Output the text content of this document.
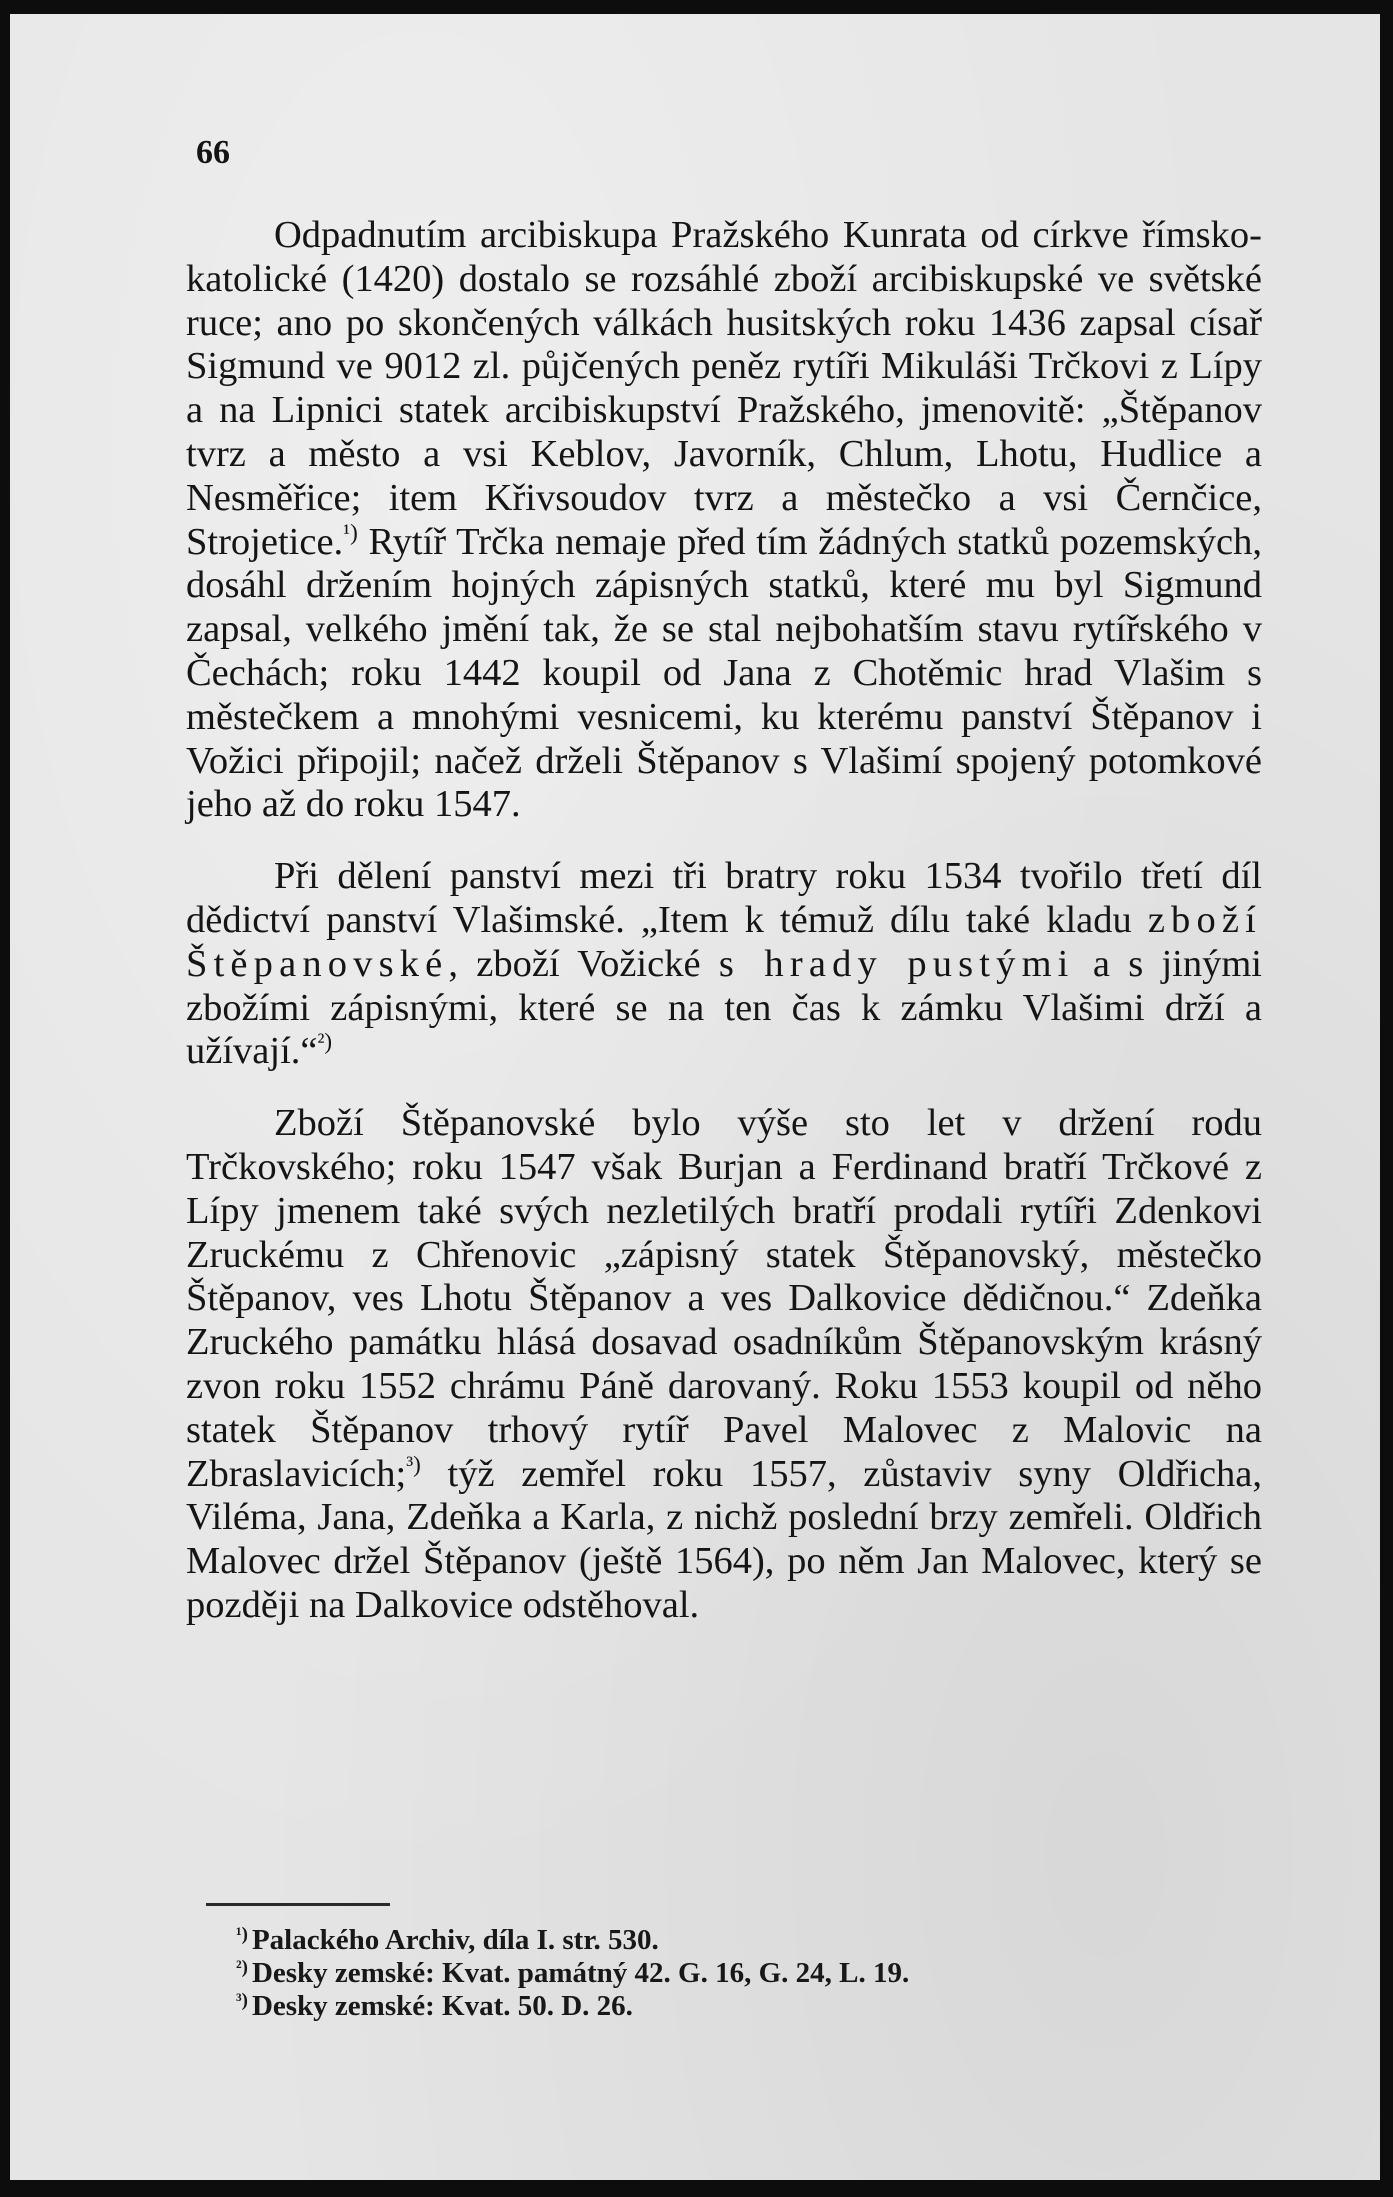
66

Odpadnutím arcibiskupa Pražského Kunrata od církve římsko-katolické (1420) dostalo se rozsáhlé zboží arcibiskupské ve světské ruce; ano po skončených válkách husitských roku 1436 zapsal císař Sigmund ve 9012 zl. půjčených peněz rytíři Mikuláši Trčkovi z Lípy a na Lipnici statek arcibiskupství Pražského, jmenovitě: „Štěpanov tvrz a město a vsi Keblov, Javorník, Chlum, Lhotu, Hudlice a Nesměřice; item Křivsoudov tvrz a městečko a vsi Černčice, Strojetice.$^{^1)}$ Rytíř Trčka nemaje před tím žádných statků pozemských, dosáhl držením hojných zápisných statků, které mu byl Sigmund zapsal, velkého jmění tak, že se stal nejbohatším stavu rytířského v Čechách; roku 1442 koupil od Jana z Chotěmic hrad Vlašim s městečkem a mnohými vesnicemi, ku kterému panství Štěpanov i Vožici připojil; načež drželi Štěpanov s Vlašimí spojený potomkové jeho až do roku 1547.

Při dělení panství mezi tři bratry roku 1534 tvořilo třetí díl dědictví panství Vlašimské. „Item k témuž dílu také kladu zboží Štěpanovské, zboží Vožické s hrady pustými a s jinými zbožími zápisnými, které se na ten čas k zámku Vlašimi drží a užívají.“$^{^2)}$

Zboží Štěpanovské bylo výše sto let v držení rodu Trčkovského; roku 1547 však Burjan a Ferdinand bratří Trčkové z Lípy jmenem také svých nezletilých bratří prodali rytíři Zdenkovi Zruckému z Chřenovic „zápisný statek Štěpanovský, městečko Štěpanov, ves Lhotu Štěpanov a ves Dalkovice dědičnou.“ Zdeňka Zruckého památku hlásá dosavad osadníkům Štěpanovským krásný zvon roku 1552 chrámu Páně darovaný. Roku 1553 koupil od něho statek Štěpanov trhový rytíř Pavel Malovec z Malovic na Zbraslavicích;$^{^3)}$ týž zemřel roku 1557, zůstaviv syny Oldřicha, Viléma, Jana, Zdeňka a Karla, z nichž poslední brzy zemřeli. Oldřich Malovec držel Štěpanov (ještě 1564), po něm Jan Malovec, který se později na Dalkovice odstěhoval.

$^{^1)}$ Palackého Archiv, díla I. str. 530.
$^{^2)}$ Desky zemské: Kvat. památný 42. G. 16, G. 24, L. 19.
$^{^3)}$ Desky zemské: Kvat. 50. D. 26.
